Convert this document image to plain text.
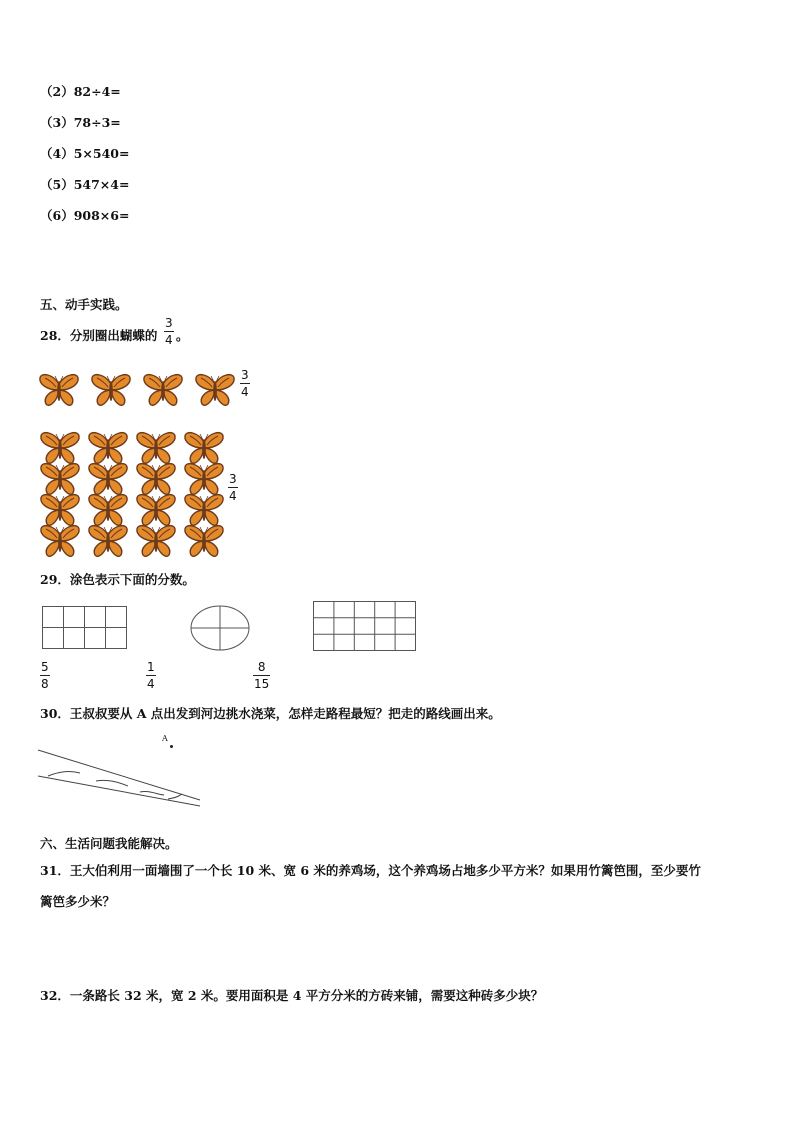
（2）82÷4=
（3）78÷3=
（4）5×540=
（5）547×4=
（6）908×6=
五、动手实践。
28．分别圈出蝴蝶的
3
4 。
3
4
3
4
29．涂色表示下面的分数。
5
8
1
4
8
15
30．王叔叔要从 A 点出发到河边挑水浇菜，怎样走路程最短？把走的路线画出来。
A
六、生活问题我能解决。
31．王大伯利用一面墙围了一个长 10 米、宽 6 米的养鸡场，这个养鸡场占地多少平方米？如果用竹篱笆围，至少要竹
篱笆多少米？
32．一条路长 32 米，宽 2 米。要用面积是 4 平方分米的方砖来铺，需要这种砖多少块？
